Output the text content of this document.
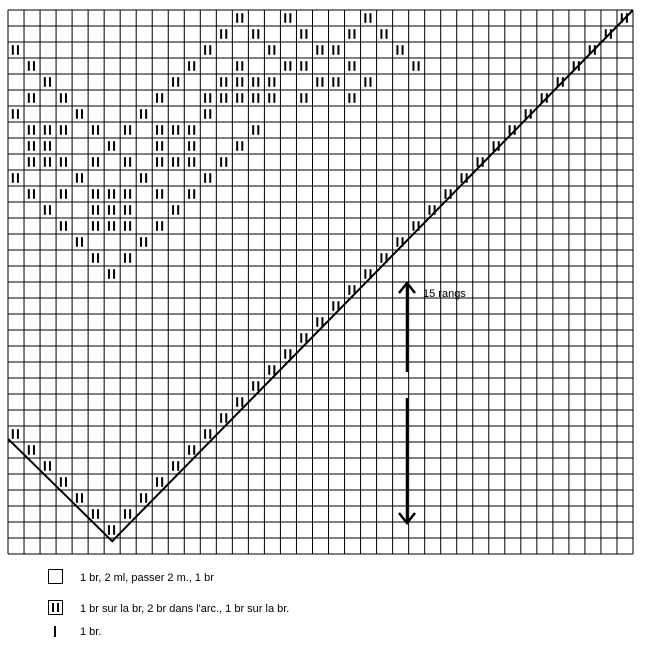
15 rangs
1 br, 2 ml, passer 2 m., 1 br
1 br sur la br, 2 br dans l'arc., 1 br sur la br.
1 br.
